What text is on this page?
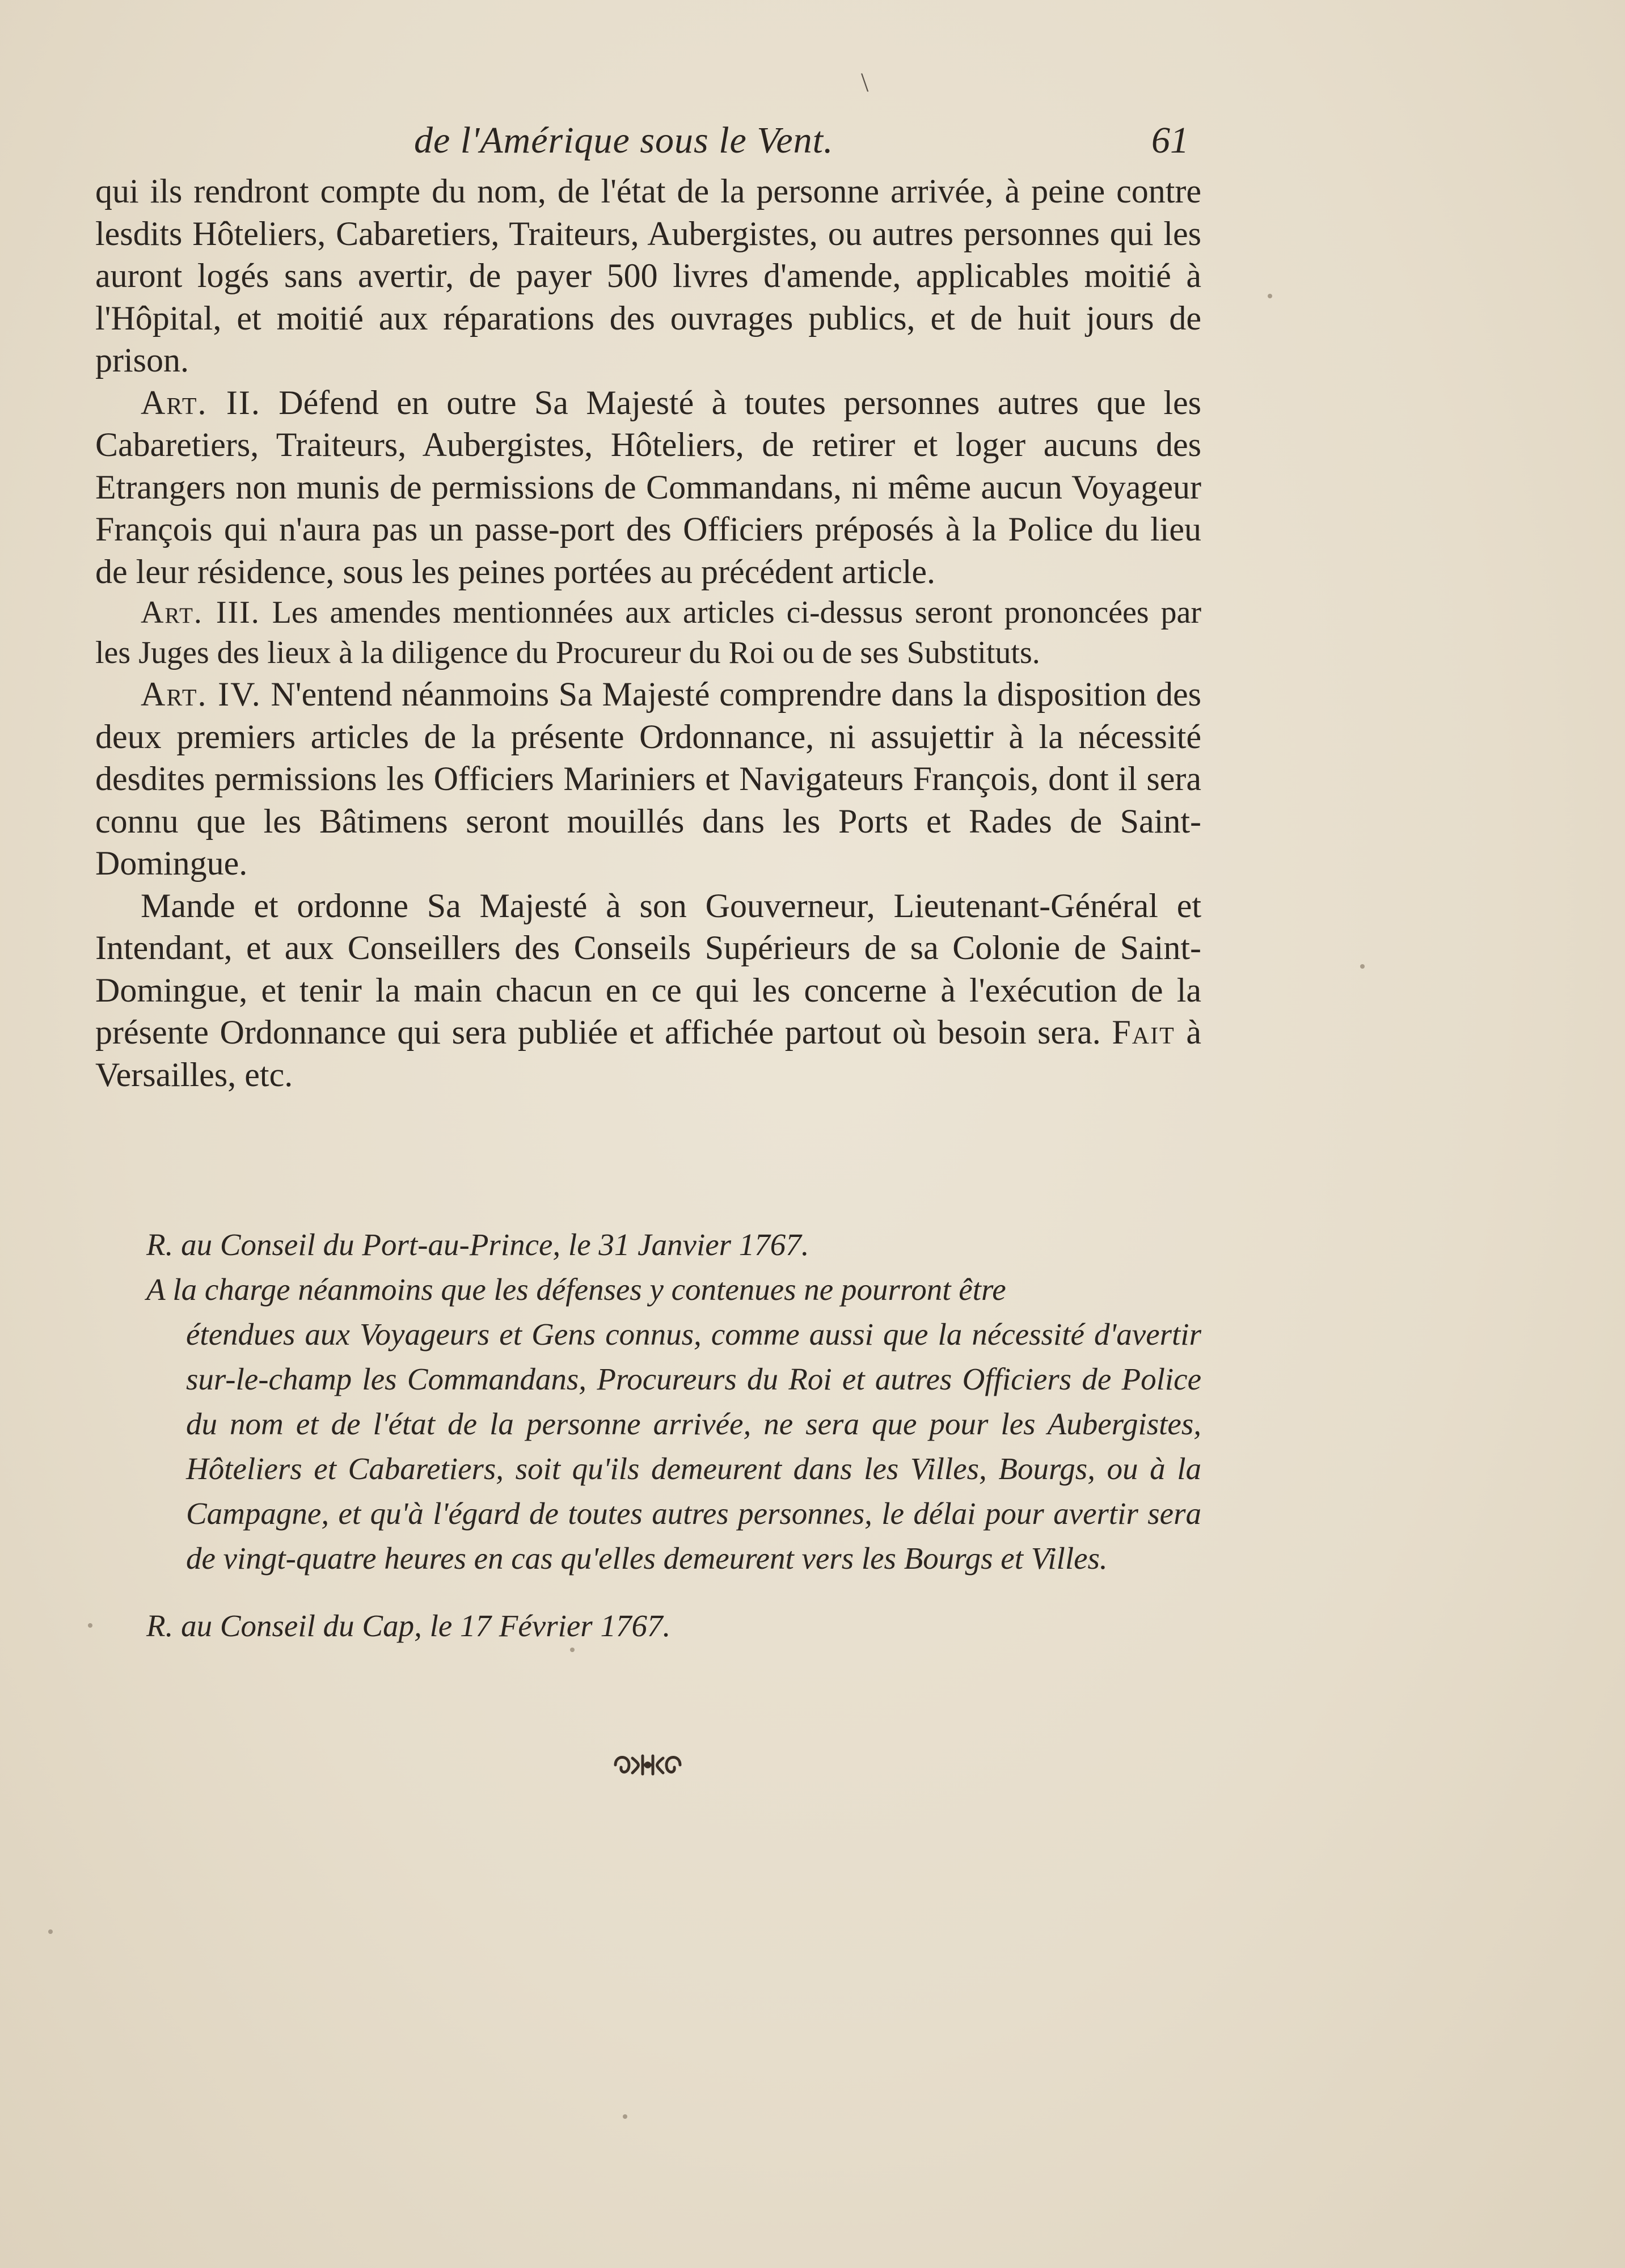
\
de l'Amérique sous le Vent.	61

qui ils rendront compte du nom, de l'état de la personne arrivée, à peine contre lesdits Hôteliers, Cabaretiers, Traiteurs, Aubergistes, ou autres personnes qui les auront logés sans avertir, de payer 500 livres d'amende, applicables moitié à l'Hôpital, et moitié aux réparations des ouvrages publics, et de huit jours de prison.

Art. II. Défend en outre Sa Majesté à toutes personnes autres que les Cabaretiers, Traiteurs, Aubergistes, Hôteliers, de retirer et loger aucuns des Etrangers non munis de permissions de Commandans, ni même aucun Voyageur François qui n'aura pas un passe-port des Officiers préposés à la Police du lieu de leur résidence, sous les peines portées au précédent article.

Art. III. Les amendes mentionnées aux articles ci-dessus seront prononcées par les Juges des lieux à la diligence du Procureur du Roi ou de ses Substituts.

Art. IV. N'entend néanmoins Sa Majesté comprendre dans la disposition des deux premiers articles de la présente Ordonnance, ni assujettir à la nécessité desdites permissions les Officiers Mariniers et Navigateurs François, dont il sera connu que les Bâtimens seront mouillés dans les Ports et Rades de Saint-Domingue.

Mande et ordonne Sa Majesté à son Gouverneur, Lieutenant-Général et Intendant, et aux Conseillers des Conseils Supérieurs de sa Colonie de Saint-Domingue, et tenir la main chacun en ce qui les concerne à l'exécution de la présente Ordonnance qui sera publiée et affichée partout où besoin sera. Fait à Versailles, etc.

R. au Conseil du Port-au-Prince, le 31 Janvier 1767.

A la charge néanmoins que les défenses y contenues ne pourront être
étendues aux Voyageurs et Gens connus, comme aussi que la nécessité d'avertir sur-le-champ les Commandans, Procureurs du Roi et autres Officiers de Police du nom et de l'état de la personne arrivée, ne sera que pour les Aubergistes, Hôteliers et Cabaretiers, soit qu'ils demeurent dans les Villes, Bourgs, ou à la Campagne, et qu'à l'égard de toutes autres personnes, le délai pour avertir sera de vingt-quatre heures en cas qu'elles demeurent vers les Bourgs et Villes.

R. au Conseil du Cap, le 17 Février 1767.
